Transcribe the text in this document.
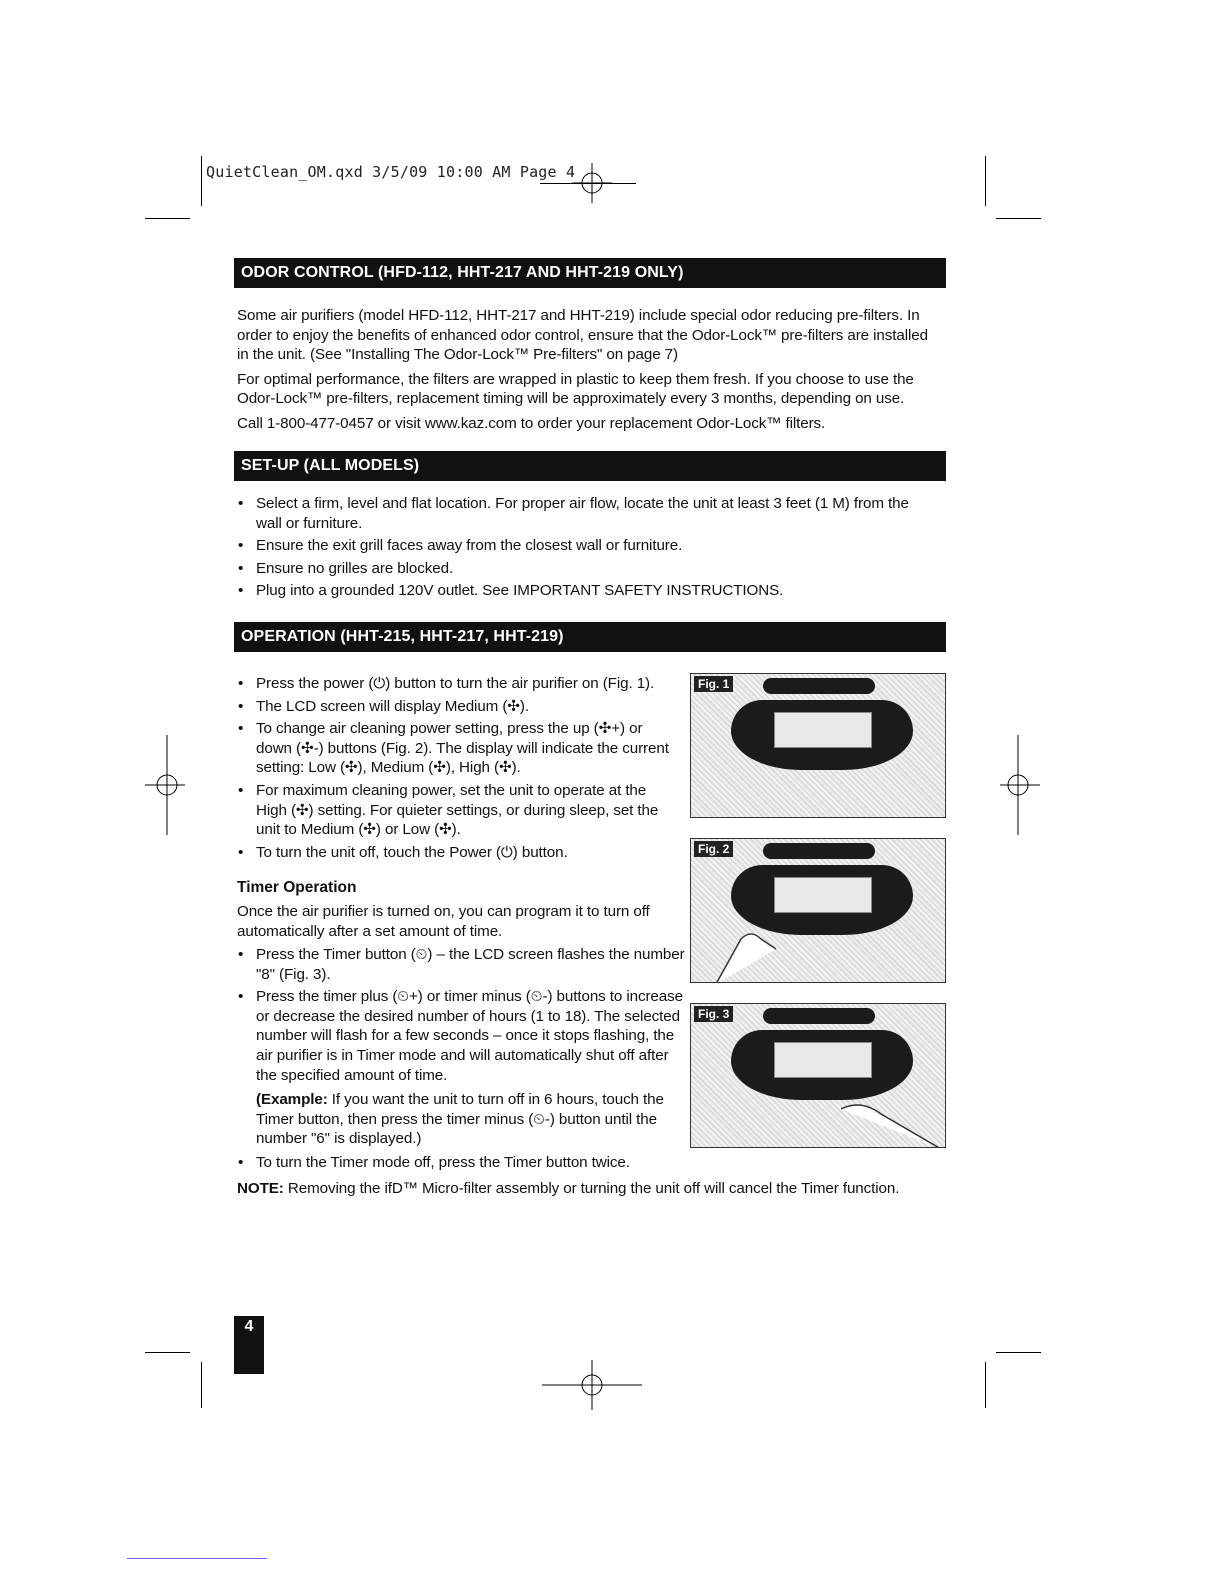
QuietClean_OM.qxd 3/5/09 10:00 AM Page 4
ODOR CONTROL (HFD-112, HHT-217 AND HHT-219 ONLY)

Some air purifiers (model HFD-112, HHT-217 and HHT-219) include special odor reducing pre-filters. In order to enjoy the benefits of enhanced odor control, ensure that the Odor-Lock™ pre-filters are installed in the unit. (See "Installing The Odor-Lock™ Pre-filters" on page 7)

For optimal performance, the filters are wrapped in plastic to keep them fresh. If you choose to use the Odor-Lock™ pre-filters, replacement timing will be approximately every 3 months, depending on use.

Call 1-800-477-0457 or visit www.kaz.com to order your replacement Odor-Lock™ filters.

SET-UP (ALL MODELS)
• Select a firm, level and flat location. For proper air flow, locate the unit at least 3 feet (1 M) from the wall or furniture.
• Ensure the exit grill faces away from the closest wall or furniture.
• Ensure no grilles are blocked.
• Plug into a grounded 120V outlet. See IMPORTANT SAFETY INSTRUCTIONS.
OPERATION (HHT-215, HHT-217, HHT-219)
• Press the power (⏻) button to turn the air purifier on (Fig. 1).
• The LCD screen will display Medium (✣).
• To change air cleaning power setting, press the up (✣+) or down (✣-) buttons (Fig. 2). The display will indicate the current setting: Low (✣), Medium (✣), High (✣).
• For maximum cleaning power, set the unit to operate at the High (✣) setting. For quieter settings, or during sleep, set the unit to Medium (✣) or Low (✣).
• To turn the unit off, touch the Power (⏻) button.
Timer Operation
Once the air purifier is turned on, you can program it to turn off automatically after a set amount of time.
• Press the Timer button (⏲) – the LCD screen flashes the number "8" (Fig. 3).
• Press the timer plus (⏲+) or timer minus (⏲-) buttons to increase or decrease the desired number of hours (1 to 18). The selected number will flash for a few seconds – once it stops flashing, the air purifier is in Timer mode and will automatically shut off after the specified amount of time.
(Example: If you want the unit to turn off in 6 hours, touch the Timer button, then press the timer minus (⏲-) button until the number "6" is displayed.)
• To turn the Timer mode off, press the Timer button twice.
NOTE: Removing the ifD™ Micro-filter assembly or turning the unit off will cancel the Timer function.
Fig. 1
Fig. 2
Fig. 3
4
